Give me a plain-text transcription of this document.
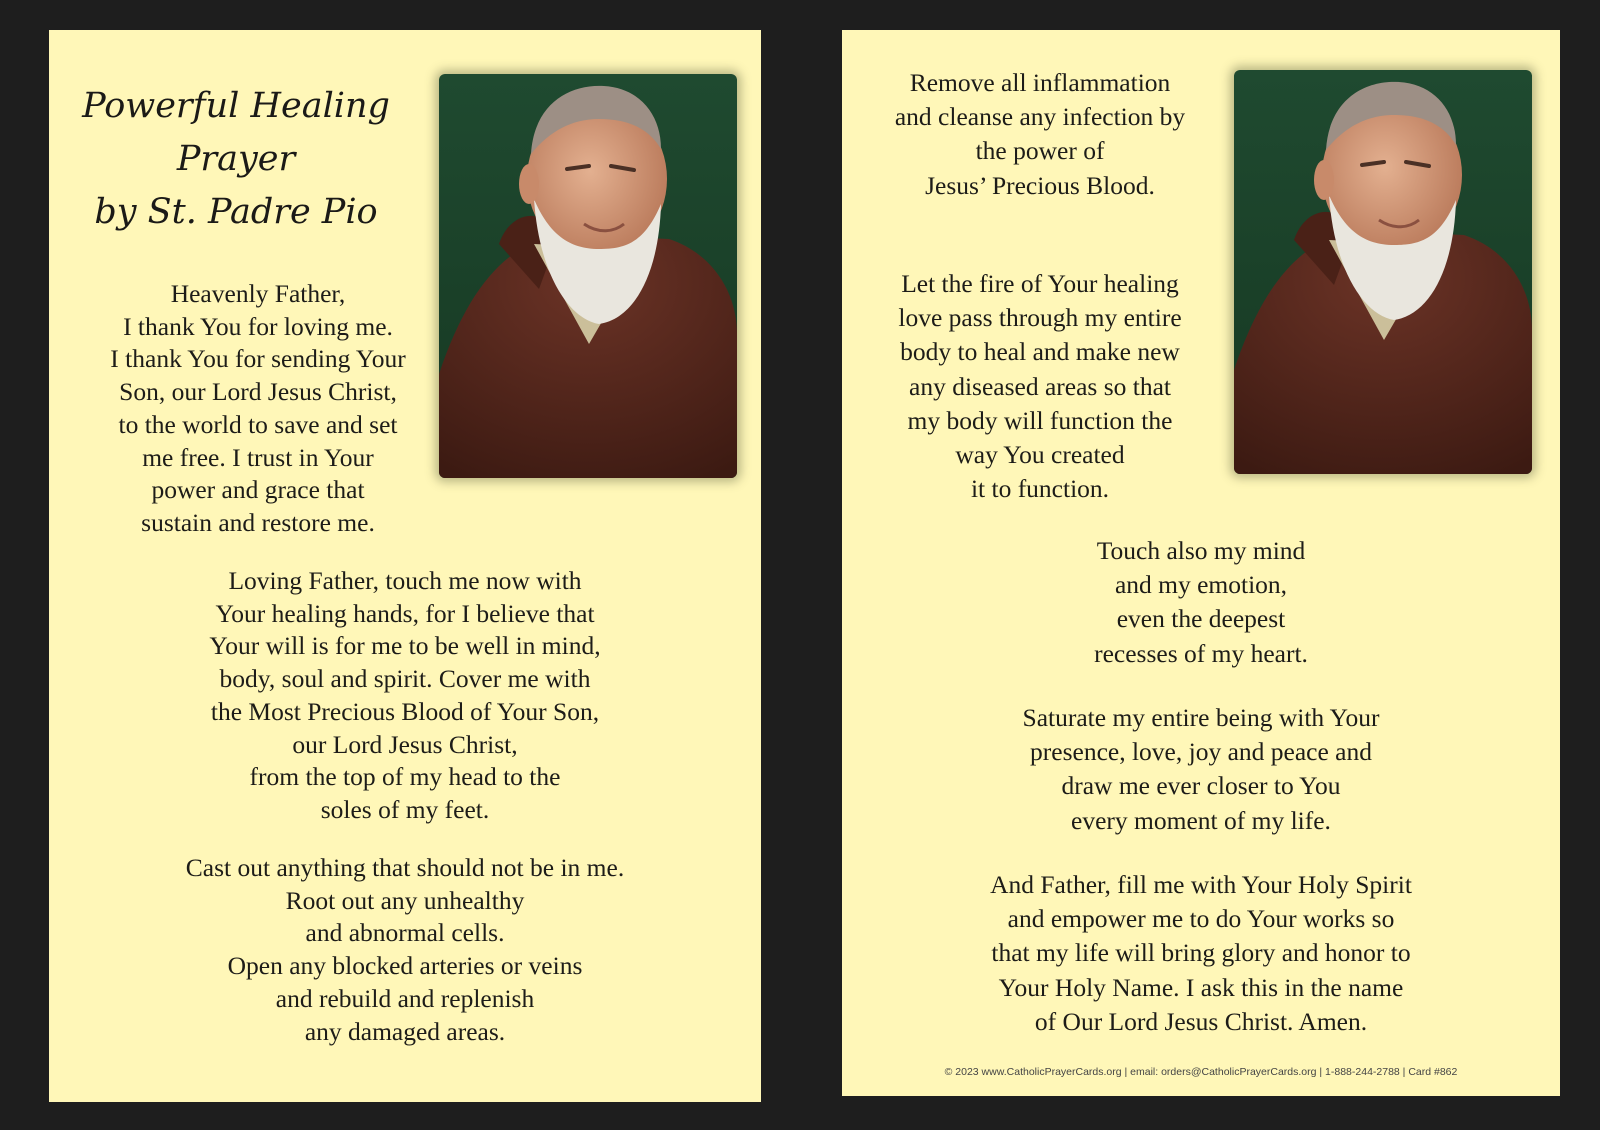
Powerful Healing
Prayer
by St. Padre Pio
Heavenly Father,
I thank You for loving me.
I thank You for sending Your
Son, our Lord Jesus Christ,
to the world to save and set
me free. I trust in Your
power and grace that
sustain and restore me.
Loving Father, touch me now with
Your healing hands, for I believe that
Your will is for me to be well in mind,
body, soul and spirit. Cover me with
the Most Precious Blood of Your Son,
our Lord Jesus Christ,
from the top of my head to the
soles of my feet.
Cast out anything that should not be in me.
Root out any unhealthy
and abnormal cells.
Open any blocked arteries or veins
and rebuild and replenish
any damaged areas.
Remove all inflammation
and cleanse any infection by
the power of
Jesus’ Precious Blood.
Let the fire of Your healing
love pass through my entire
body to heal and make new
any diseased areas so that
my body will function the
way You created
it to function.
Touch also my mind
and my emotion,
even the deepest
recesses of my heart.
Saturate my entire being with Your
presence, love, joy and peace and
draw me ever closer to You
every moment of my life.
And Father, fill me with Your Holy Spirit
and empower me to do Your works so
that my life will bring glory and honor to
Your Holy Name. I ask this in the name
of Our Lord Jesus Christ. Amen.
© 2023 www.CatholicPrayerCards.org | email: orders@CatholicPrayerCards.org | 1-888-244-2788 | Card #862
